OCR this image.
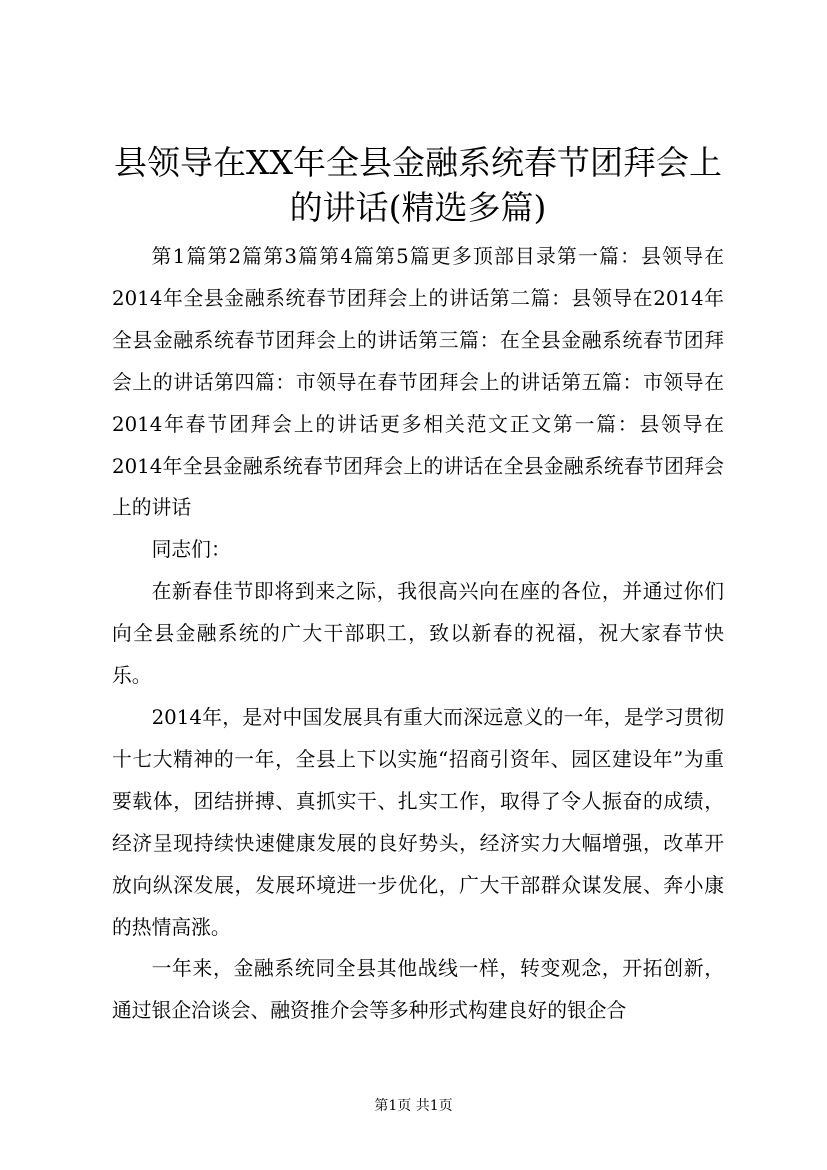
县领导在XX年全县金融系统春节团拜会上的讲话(精选多篇)

第1篇第2篇第3篇第4篇第5篇更多顶部目录第一篇：县领导在2014年全县金融系统春节团拜会上的讲话第二篇：县领导在2014年全县金融系统春节团拜会上的讲话第三篇：在全县金融系统春节团拜会上的讲话第四篇：市领导在春节团拜会上的讲话第五篇：市领导在2014年春节团拜会上的讲话更多相关范文正文第一篇：县领导在2014年全县金融系统春节团拜会上的讲话在全县金融系统春节团拜会上的讲话

同志们：

在新春佳节即将到来之际，我很高兴向在座的各位，并通过你们向全县金融系统的广大干部职工，致以新春的祝福，祝大家春节快乐。

2014年，是对中国发展具有重大而深远意义的一年，是学习贯彻十七大精神的一年，全县上下以实施“招商引资年、园区建设年”为重要载体，团结拼搏、真抓实干、扎实工作，取得了令人振奋的成绩，经济呈现持续快速健康发展的良好势头，经济实力大幅增强，改革开放向纵深发展，发展环境进一步优化，广大干部群众谋发展、奔小康的热情高涨。

一年来，金融系统同全县其他战线一样，转变观念，开拓创新，通过银企洽谈会、融资推介会等多种形式构建良好的银企合

第1页 共1页
